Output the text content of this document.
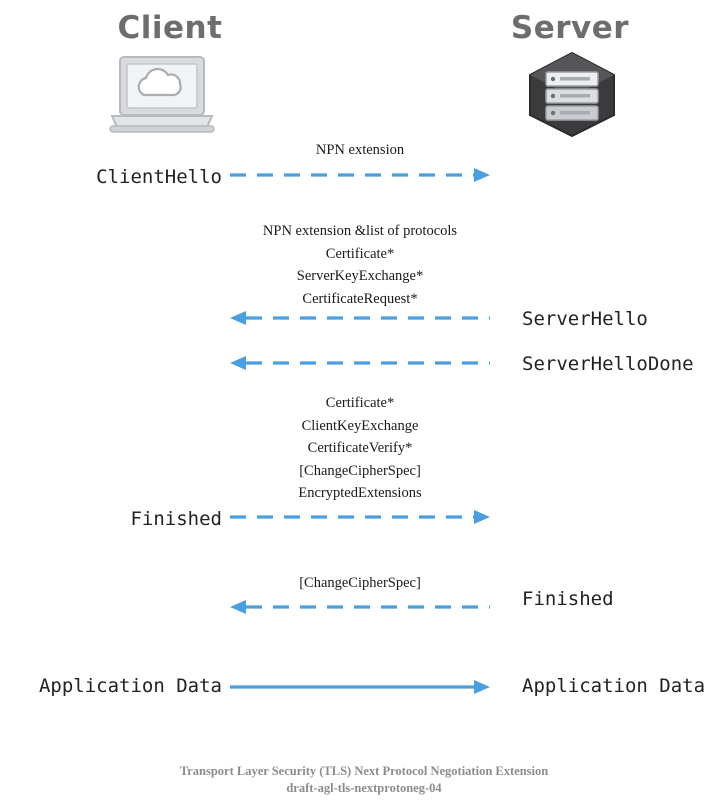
Client	Server
NPN extension
ClientHello
NPN extension &list of protocols
Certificate*
ServerKeyExchange*
CertificateRequest*
ServerHello
ServerHelloDone
Certificate*
ClientKeyExchange
CertificateVerify*
[ChangeCipherSpec]
EncryptedExtensions
Finished
[ChangeCipherSpec]
Finished
Application Data	Application Data
Transport Layer Security (TLS) Next Protocol Negotiation Extension
draft-agl-tls-nextprotoneg-04
